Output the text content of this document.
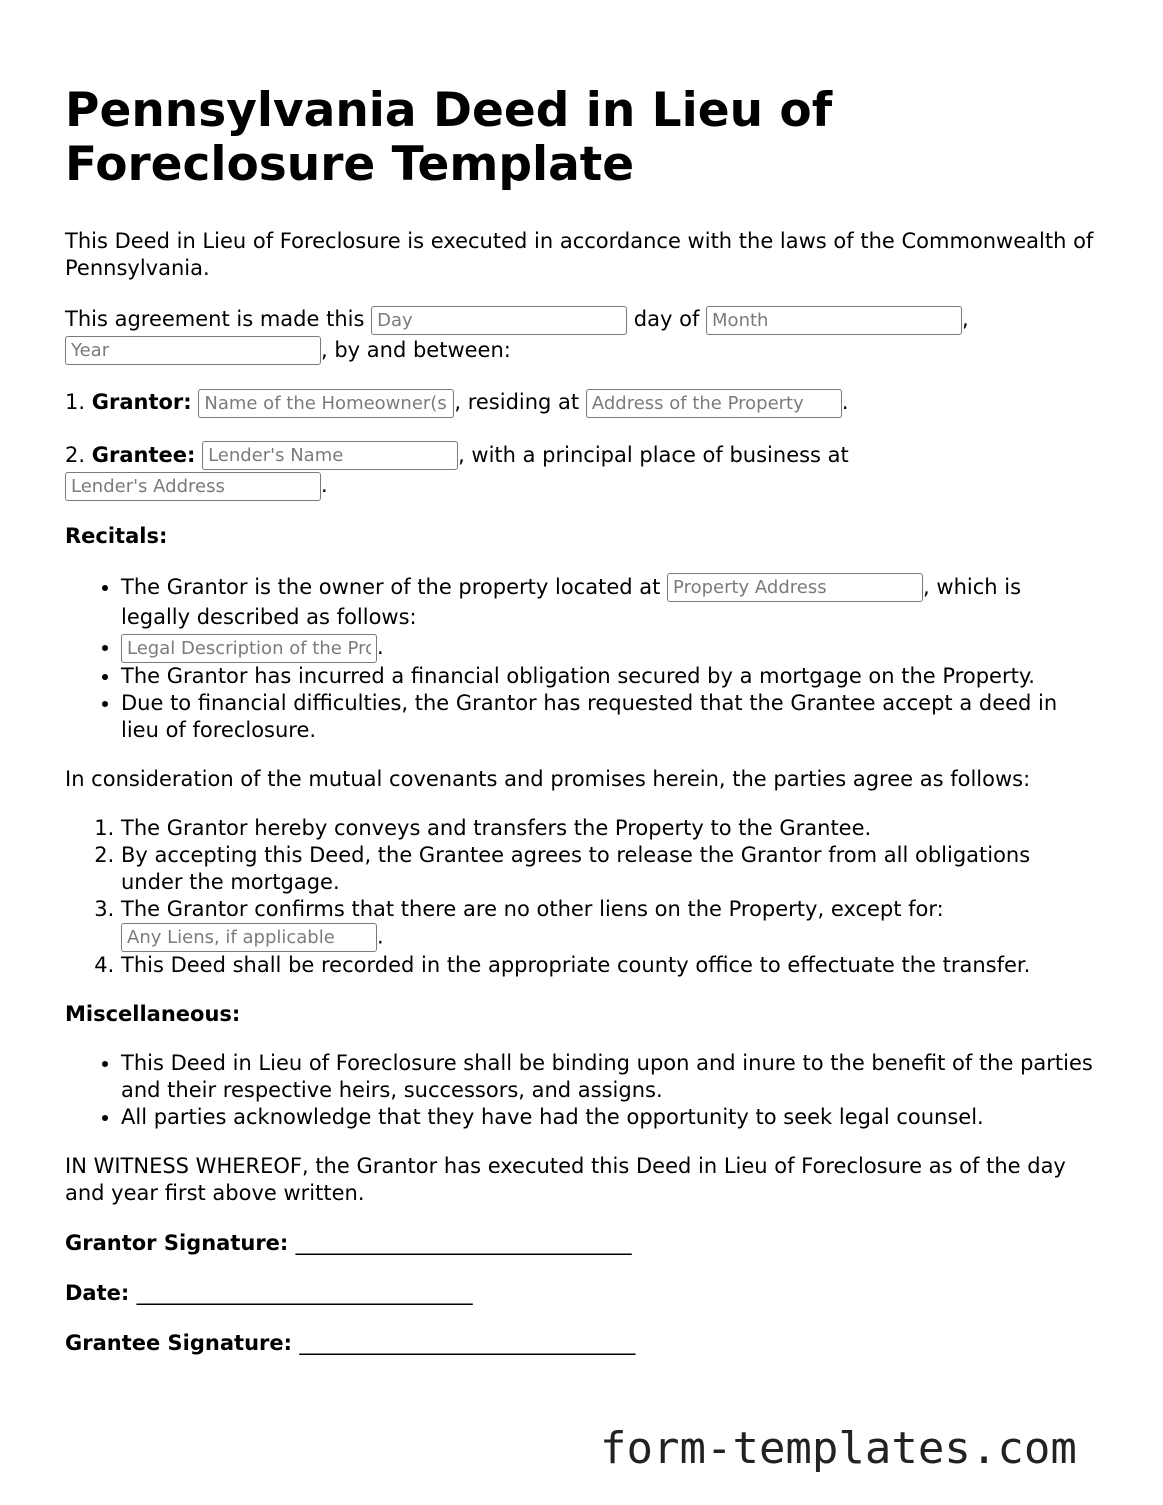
Pennsylvania Deed in Lieu of Foreclosure Template

This Deed in Lieu of Foreclosure is executed in accordance with the laws of the Commonwealth of Pennsylvania.

This agreement is made this Day	day of Month	,
Year, by and between:

1. Grantor: Name of the Homeowner(s)	, residing at Address of the Property	.

2. Grantee: Lender's Name	, with a principal place of business at
Lender's Address.

Recitals:

• The Grantor is the owner of the property located at Property Address	, which is legally described as follows:
Legal Description of the Property • .
• The Grantor has incurred a financial obligation secured by a mortgage on the Property.
• Due to financial difficulties, the Grantor has requested that the Grantee accept a deed in lieu of foreclosure.

In consideration of the mutual covenants and promises herein, the parties agree as follows:

1. The Grantor hereby conveys and transfers the Property to the Grantee.
2. By accepting this Deed, the Grantee agrees to release the Grantor from all obligations under the mortgage.
3. The Grantor confirms that there are no other liens on the Property, except for:
Any Liens, if applicable.
4. This Deed shall be recorded in the appropriate county office to effectuate the transfer.

Miscellaneous:

• This Deed in Lieu of Foreclosure shall be binding upon and inure to the benefit of the parties and their respective heirs, successors, and assigns.
• All parties acknowledge that they have had the opportunity to seek legal counsel.

IN WITNESS WHEREOF, the Grantor has executed this Deed in Lieu of Foreclosure as of the day and year first above written.

Grantor Signature: ________________________________

Date: ________________________________

Grantee Signature: ________________________________

form-templates.com
